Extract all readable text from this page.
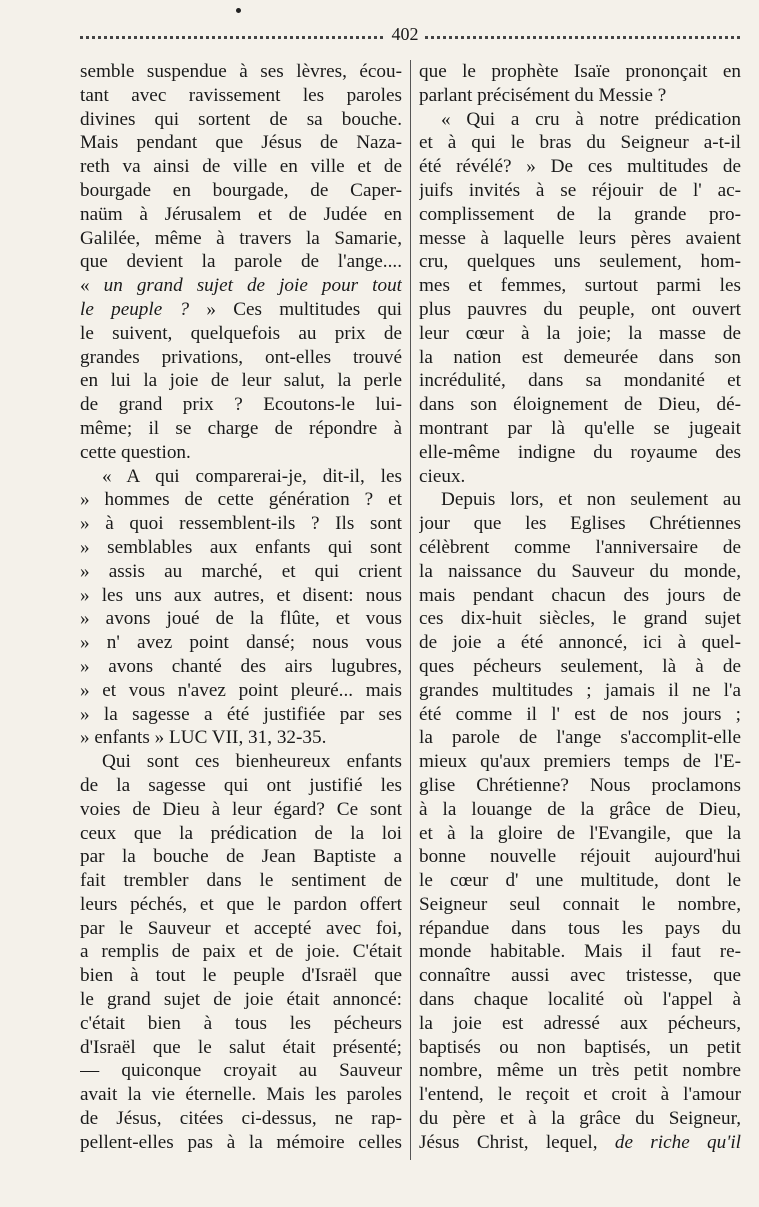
402
semble suspendue à ses lèvres, écou-
tant avec ravissement les paroles
divines qui sortent de sa bouche.
Mais pendant que Jésus de Naza-
reth va ainsi de ville en ville et de
bourgade en bourgade, de Caper-
naüm à Jérusalem et de Judée en
Galilée, même à travers la Samarie,
que devient la parole de l'ange....
« un grand sujet de joie pour tout
le peuple ? » Ces multitudes qui
le suivent, quelquefois au prix de
grandes privations, ont-elles trouvé
en lui la joie de leur salut, la perle
de grand prix ? Ecoutons-le lui-
même; il se charge de répondre à
cette question.
« A qui comparerai-je, dit-il, les
» hommes de cette génération ? et
» à quoi ressemblent-ils ? Ils sont
» semblables aux enfants qui sont
» assis au marché, et qui crient
» les uns aux autres, et disent: nous
» avons joué de la flûte, et vous
» n' avez point dansé; nous vous
» avons chanté des airs lugubres,
» et vous n'avez point pleuré... mais
» la sagesse a été justifiée par ses
» enfants » LUC VII, 31, 32-35.
Qui sont ces bienheureux enfants
de la sagesse qui ont justifié les
voies de Dieu à leur égard? Ce sont
ceux que la prédication de la loi
par la bouche de Jean Baptiste a
fait trembler dans le sentiment de
leurs péchés, et que le pardon offert
par le Sauveur et accepté avec foi,
a remplis de paix et de joie. C'était
bien à tout le peuple d'Israël que
le grand sujet de joie était annoncé:
c'était bien à tous les pécheurs
d'Israël que le salut était présenté;
— quiconque croyait au Sauveur
avait la vie éternelle. Mais les paroles
de Jésus, citées ci-dessus, ne rap-
pellent-elles pas à la mémoire celles
que le prophète Isaïe prononçait en
parlant précisément du Messie ?
« Qui a cru à notre prédication
et à qui le bras du Seigneur a-t-il
été révélé? » De ces multitudes de
juifs invités à se réjouir de l' ac-
complissement de la grande pro-
messe à laquelle leurs pères avaient
cru, quelques uns seulement, hom-
mes et femmes, surtout parmi les
plus pauvres du peuple, ont ouvert
leur cœur à la joie; la masse de
la nation est demeurée dans son
incrédulité, dans sa mondanité et
dans son éloignement de Dieu, dé-
montrant par là qu'elle se jugeait
elle-même indigne du royaume des
cieux.
Depuis lors, et non seulement au
jour que les Eglises Chrétiennes
célèbrent comme l'anniversaire de
la naissance du Sauveur du monde,
mais pendant chacun des jours de
ces dix-huit siècles, le grand sujet
de joie a été annoncé, ici à quel-
ques pécheurs seulement, là à de
grandes multitudes ; jamais il ne l'a
été comme il l' est de nos jours ;
la parole de l'ange s'accomplit-elle
mieux qu'aux premiers temps de l'E-
glise Chrétienne? Nous proclamons
à la louange de la grâce de Dieu,
et à la gloire de l'Evangile, que la
bonne nouvelle réjouit aujourd'hui
le cœur d' une multitude, dont le
Seigneur seul connait le nombre,
répandue dans tous les pays du
monde habitable. Mais il faut re-
connaître aussi avec tristesse, que
dans chaque localité où l'appel à
la joie est adressé aux pécheurs,
baptisés ou non baptisés, un petit
nombre, même un très petit nombre
l'entend, le reçoit et croit à l'amour
du père et à la grâce du Seigneur,
Jésus Christ, lequel, de riche qu'il
